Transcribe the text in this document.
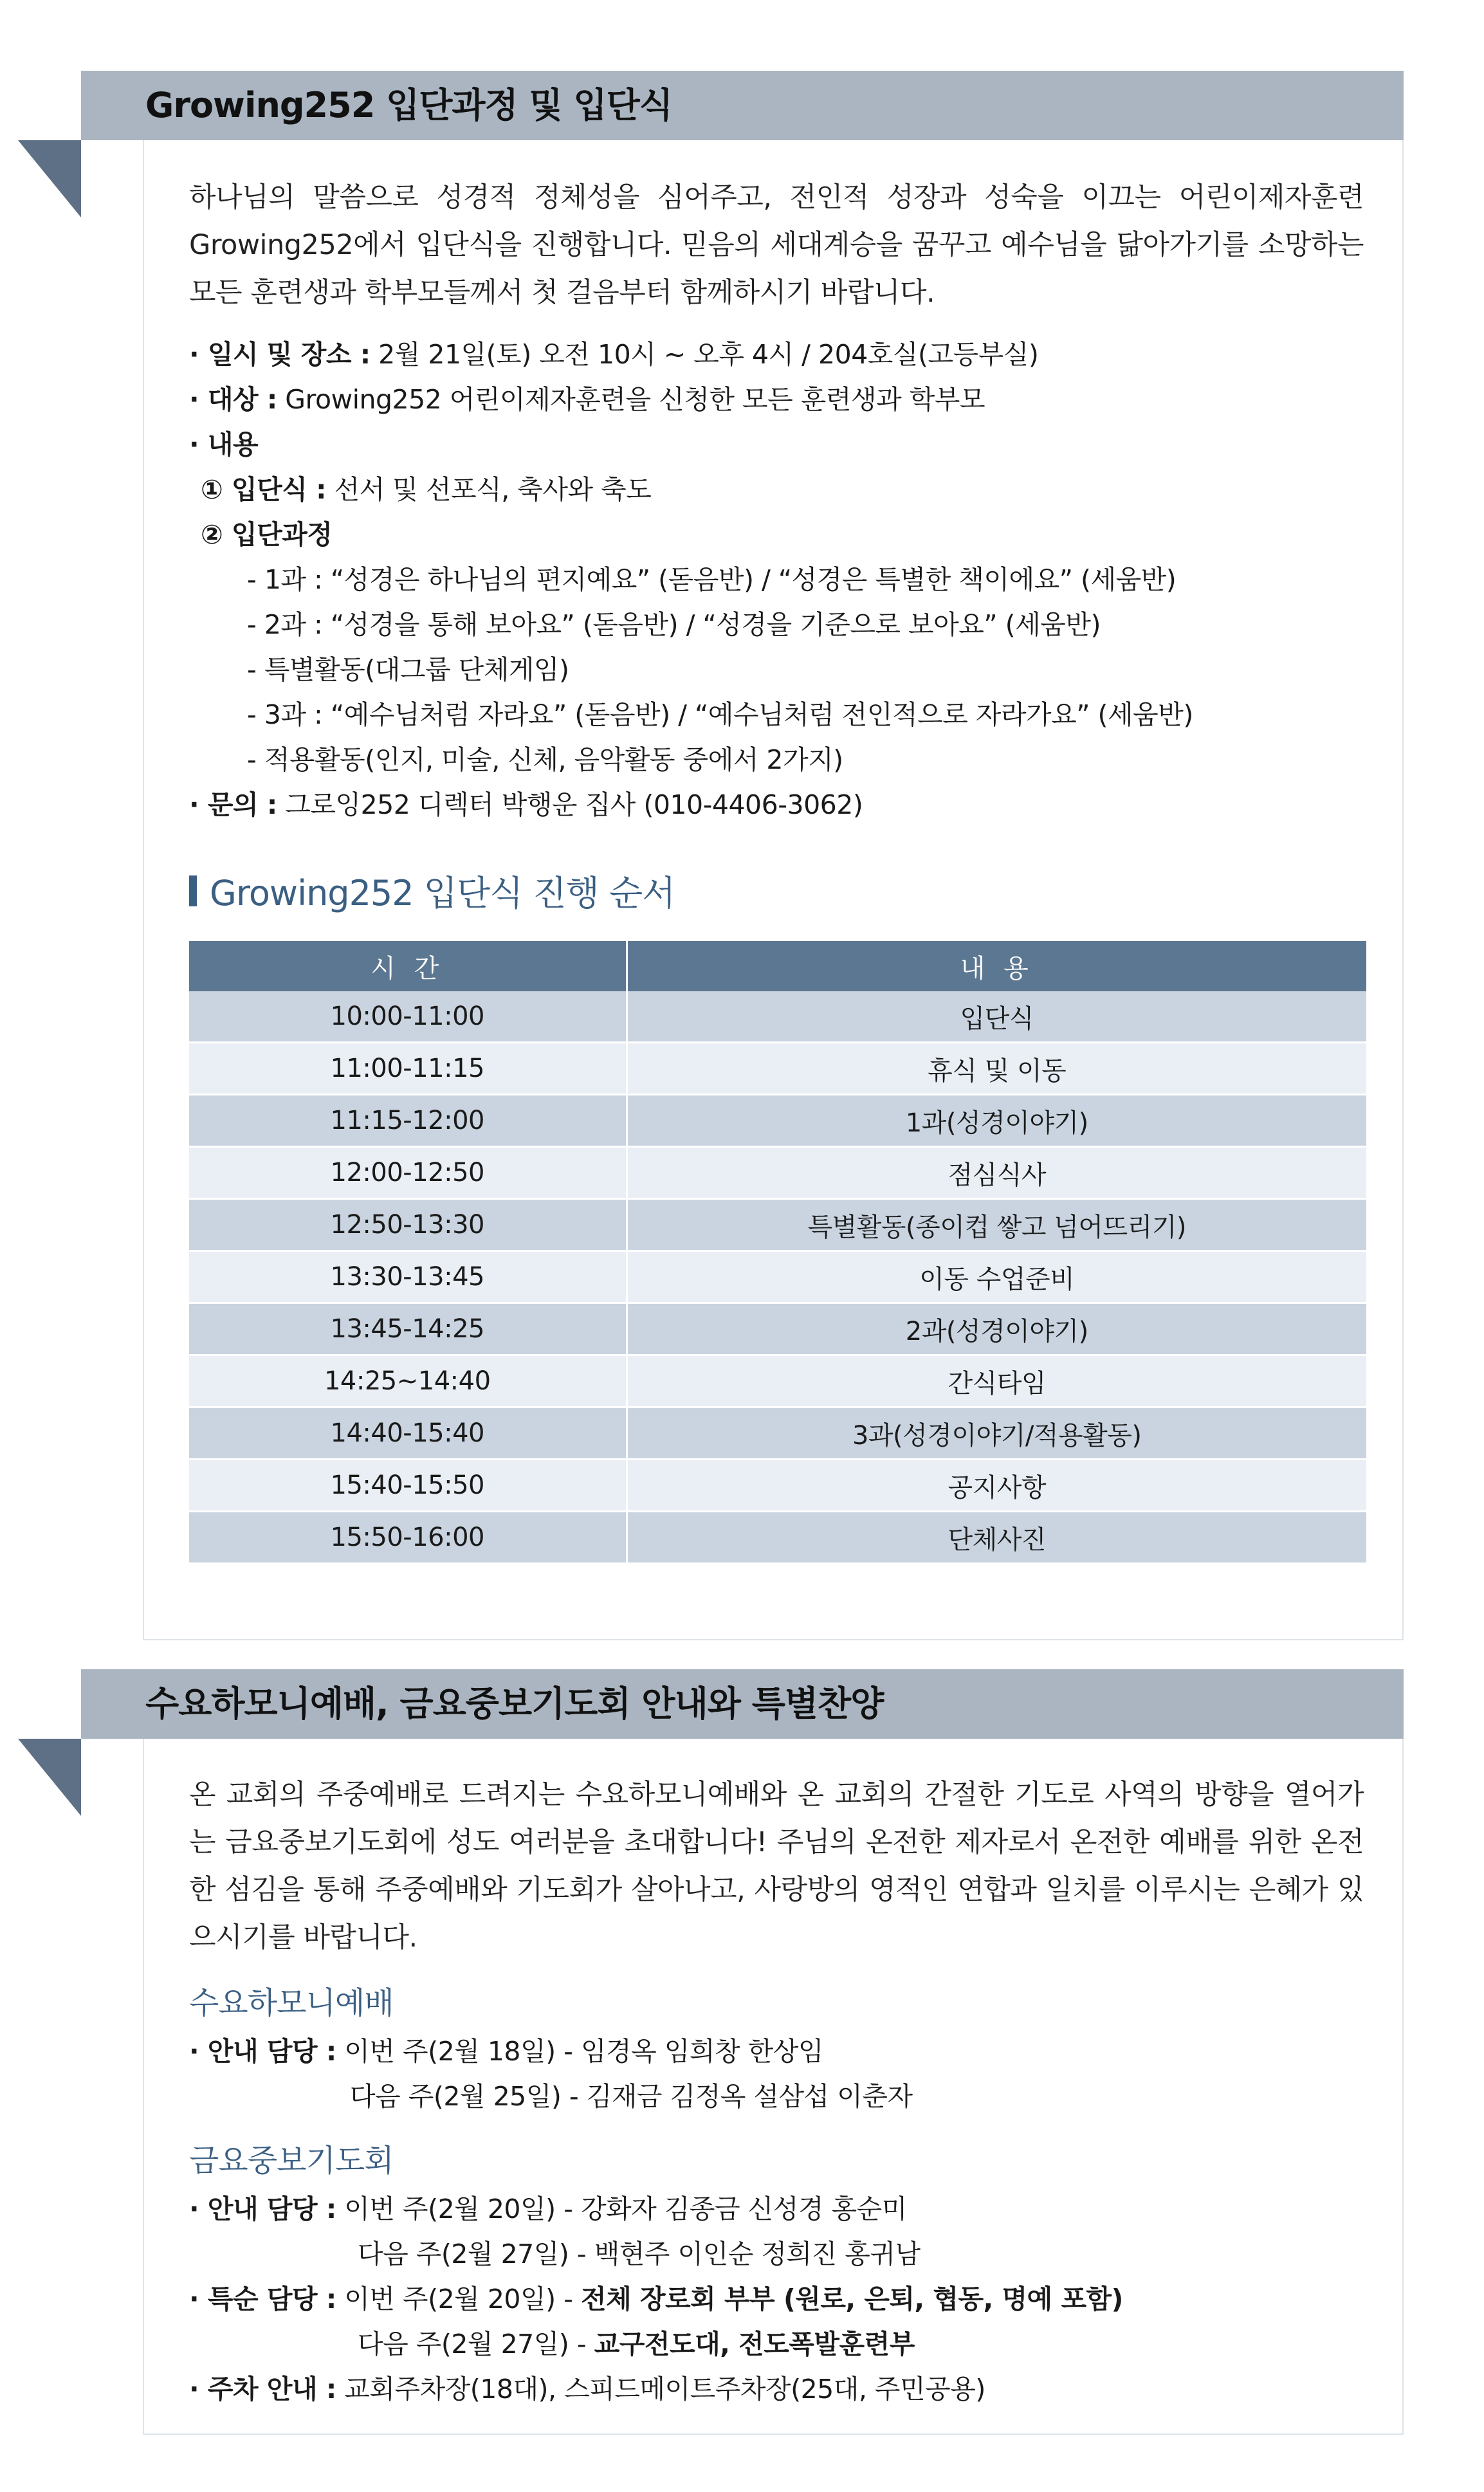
Growing252 입단과정 및 입단식

하나님의 말씀으로 성경적 정체성을 심어주고, 전인적 성장과 성숙을 이끄는 어린이제자훈련 Growing252에서 입단식을 진행합니다. 믿음의 세대계승을 꿈꾸고 예수님을 닮아가기를 소망하는 모든 훈련생과 학부모들께서 첫 걸음부터 함께하시기 바랍니다.

· 일시 및 장소 : 2월 21일(토) 오전 10시 ~ 오후 4시 / 204호실(고등부실)
· 대상 : Growing252 어린이제자훈련을 신청한 모든 훈련생과 학부모
· 내용
① 입단식 : 선서 및 선포식, 축사와 축도
② 입단과정
- 1과 : “성경은 하나님의 편지예요” (돋음반) / “성경은 특별한 책이에요” (세움반)
- 2과 : “성경을 통해 보아요” (돋음반) / “성경을 기준으로 보아요” (세움반)
- 특별활동(대그룹 단체게임)
- 3과 : “예수님처럼 자라요” (돋음반) / “예수님처럼 전인적으로 자라가요” (세움반)
- 적용활동(인지, 미술, 신체, 음악활동 중에서 2가지)
· 문의 : 그로잉252 디렉터 박행운 집사 (010-4406-3062)
Growing252 입단식 진행 순서
시 간	내 용
10:00-11:00	입단식
11:00-11:15	휴식 및 이동
11:15-12:00	1과(성경이야기)
12:00-12:50	점심식사
12:50-13:30	특별활동(종이컵 쌓고 넘어뜨리기)
13:30-13:45	이동 수업준비
13:45-14:25	2과(성경이야기)
14:25~14:40	간식타임
14:40-15:40	3과(성경이야기/적용활동)
15:40-15:50	공지사항
15:50-16:00	단체사진
수요하모니예배, 금요중보기도회 안내와 특별찬양

온 교회의 주중예배로 드려지는 수요하모니예배와 온 교회의 간절한 기도로 사역의 방향을 열어가는 금요중보기도회에 성도 여러분을 초대합니다! 주님의 온전한 제자로서 온전한 예배를 위한 온전한 섬김을 통해 주중예배와 기도회가 살아나고, 사랑방의 영적인 연합과 일치를 이루시는 은혜가 있으시기를 바랍니다.

수요하모니예배

· 안내 담당 : 이번 주(2월 18일) - 임경옥 임희창 한상임
다음 주(2월 25일) - 김재금 김정옥 설삼섭 이춘자

금요중보기도회

· 안내 담당 : 이번 주(2월 20일) - 강화자 김종금 신성경 홍순미
다음 주(2월 27일) - 백현주 이인순 정희진 홍귀남
· 특순 담당 : 이번 주(2월 20일) - 전체 장로회 부부 (원로, 은퇴, 협동, 명예 포함)
다음 주(2월 27일) - 교구전도대, 전도폭발훈련부
· 주차 안내 : 교회주차장(18대), 스피드메이트주차장(25대, 주민공용)
